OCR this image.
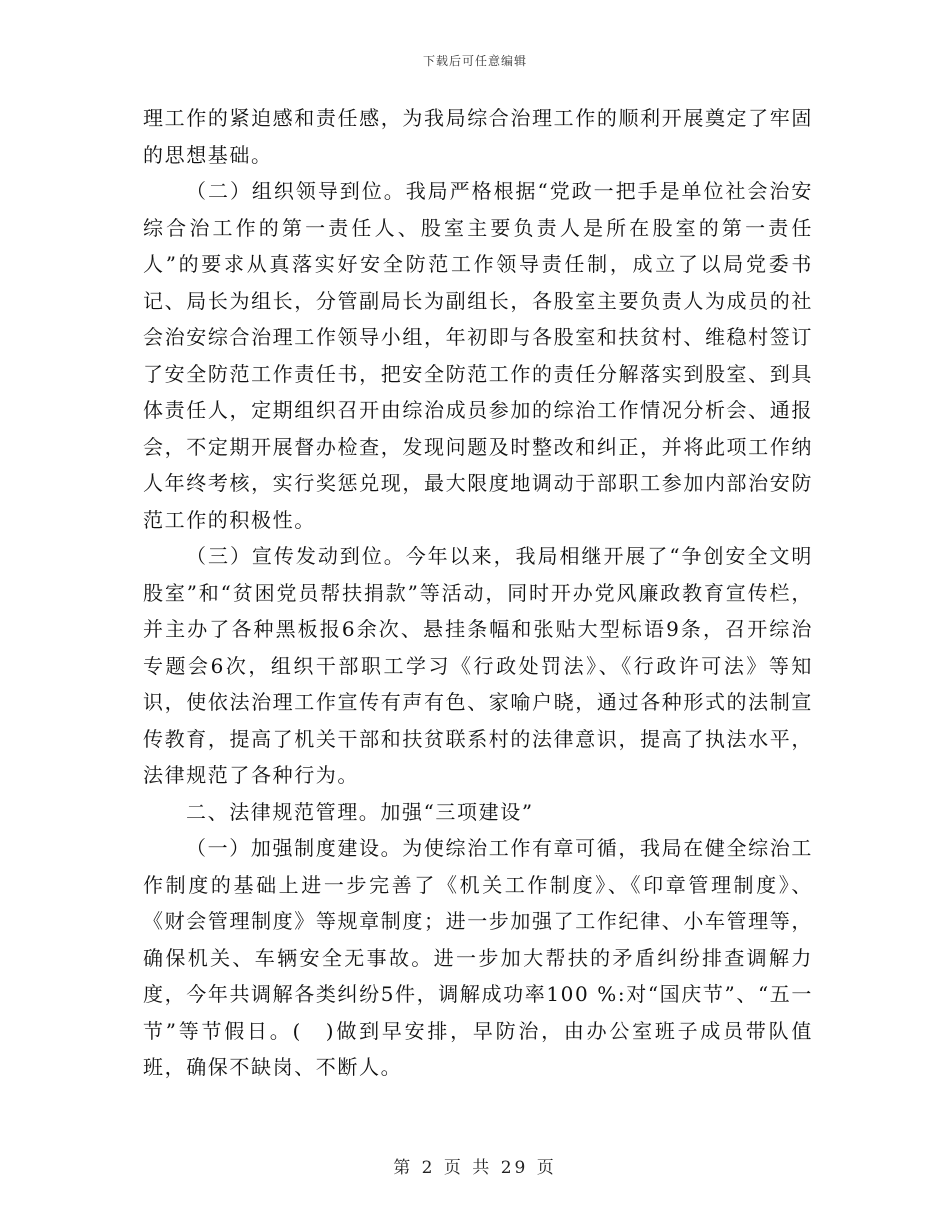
下载后可任意编辑

理工作的紧迫感和责任感，为我局综合治理工作的顺利开展奠定了牢固的思想基础。

（二）组织领导到位。我局严格根据“党政一把手是单位社会治安综合治工作的第一责任人、股室主要负责人是所在股室的第一责任人”的要求从真落实好安全防范工作领导责任制，成立了以局党委书记、局长为组长，分管副局长为副组长，各股室主要负责人为成员的社会治安综合治理工作领导小组，年初即与各股室和扶贫村、维稳村签订了安全防范工作责任书，把安全防范工作的责任分解落实到股室、到具体责任人，定期组织召开由综治成员参加的综治工作情况分析会、通报会，不定期开展督办检查，发现问题及时整改和纠正，并将此项工作纳人年终考核，实行奖惩兑现，最大限度地调动于部职工参加内部治安防范工作的积极性。

（三）宣传发动到位。今年以来，我局相继开展了“争创安全文明股室”和“贫困党员帮扶捐款”等活动，同时开办党风廉政教育宣传栏，并主办了各种黑板报6余次、悬挂条幅和张贴大型标语9条，召开综治专题会6次，组织干部职工学习《行政处罚法》、《行政许可法》等知识，使依法治理工作宣传有声有色、家喻户晓，通过各种形式的法制宣传教育，提高了机关干部和扶贫联系村的法律意识，提高了执法水平，法律规范了各种行为。

二、法律规范管理。加强“三项建设”

（一）加强制度建设。为使综治工作有章可循，我局在健全综治工作制度的基础上进一步完善了《机关工作制度》、《印章管理制度》、《财会管理制度》等规章制度；进一步加强了工作纪律、小车管理等，确保机关、车辆安全无事故。进一步加大帮扶的矛盾纠纷排查调解力度，今年共调解各类纠纷5件，调解成功率100 %:对“国庆节”、“五一节”等节假日。(　)做到早安排，早防治，由办公室班子成员带队值班，确保不缺岗、不断人。

第 2 页 共 29 页
